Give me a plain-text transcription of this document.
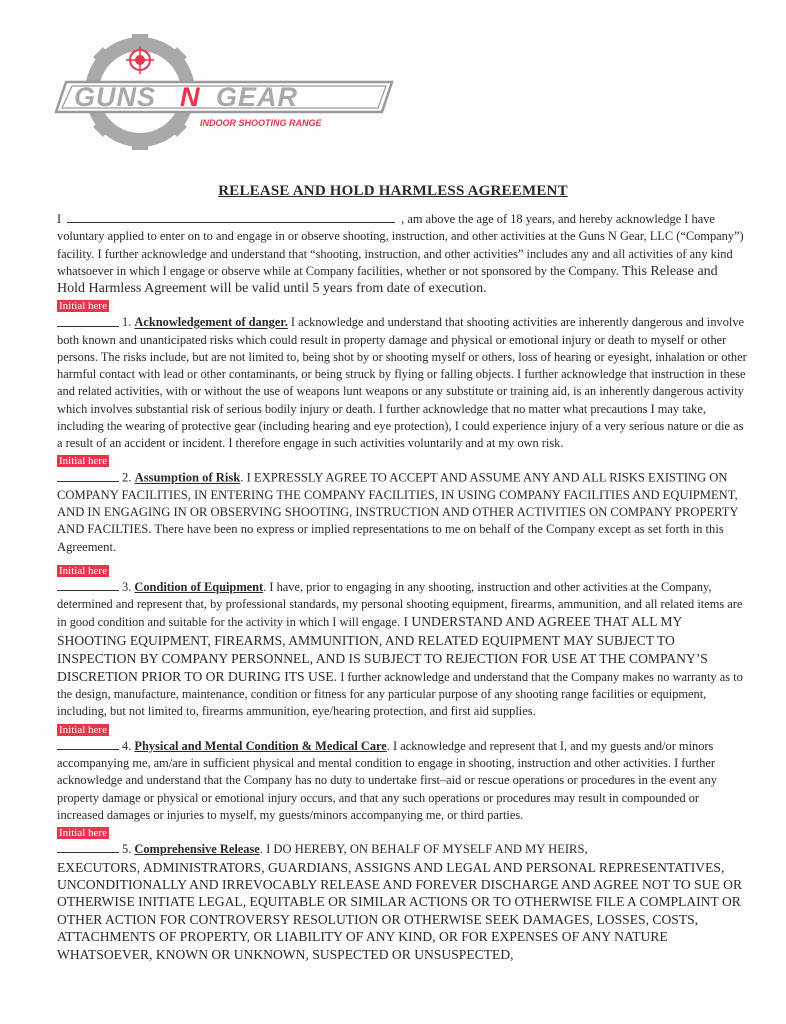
GUNS N GEAR
INDOOR SHOOTING RANGE
RELEASE AND HOLD HARMLESS AGREEMENT

I	, am above the age of 18 years, and hereby acknowledge I have voluntary applied to enter on to and engage in or observe shooting, instruction, and other activities at the Guns N Gear, LLC (“Company”) facility. I further acknowledge and understand that “shooting, instruction, and other activities” includes any and all activities of any kind whatsoever in which I engage or observe while at Company facilities, whether or not sponsored by the Company. This Release and Hold Harmless Agreement will be valid until 5 years from date of execution.

Initial here

1. Acknowledgement of danger. I acknowledge and understand that shooting activities are inherently dangerous and involve both known and unanticipated risks which could result in property damage and physical or emotional injury or death to myself or other persons. The risks include, but are not limited to, being shot by or shooting myself or others, loss of hearing or eyesight, inhalation or other harmful contact with lead or other contaminants, or being struck by flying or falling objects. I further acknowledge that instruction in these and related activities, with or without the use of weapons lunt weapons or any substitute or training aid, is an inherently dangerous activity which involves substantial risk of serious bodily injury or death. I further acknowledge that no matter what precautions I may take, including the wearing of protective gear (including hearing and eye protection), I could experience injury of a very serious nature or die as a result of an accident or incident. I therefore engage in such activities voluntarily and at my own risk.

Initial here

2. Assumption of Risk. I EXPRESSLY AGREE TO ACCEPT AND ASSUME ANY AND ALL RISKS EXISTING ON COMPANY FACILITIES, IN ENTERING THE COMPANY FACILITIES, IN USING COMPANY FACILITIES AND EQUIPMENT, AND IN ENGAGING IN OR OBSERVING SHOOTING, INSTRUCTION AND OTHER ACTIVITIES ON COMPANY PROPERTY AND FACILTIES. There have been no express or implied representations to me on behalf of the Company except as set forth in this Agreement.

Initial here

3. Condition of Equipment. I have, prior to engaging in any shooting, instruction and other activities at the Company, determined and represent that, by professional standards, my personal shooting equipment, firearms, ammunition, and all related items are in good condition and suitable for the activity in which I will engage. I UNDERSTAND AND AGREEE THAT ALL MY SHOOTING EQUIPMENT, FIREARMS, AMMUNITION, AND RELATED EQUIPMENT MAY SUBJECT TO INSPECTION BY COMPANY PERSONNEL, AND IS SUBJECT TO REJECTION FOR USE AT THE COMPANY’S DISCRETION PRIOR TO OR DURING ITS USE. I further acknowledge and understand that the Company makes no warranty as to the design, manufacture, maintenance, condition or fitness for any particular purpose of any shooting range facilities or equipment, including, but not limited to, firearms ammunition, eye/hearing protection, and first aid supplies.

Initial here

4. Physical and Mental Condition & Medical Care. I acknowledge and represent that I, and my guests and/or minors accompanying me, am/are in sufficient physical and mental condition to engage in shooting, instruction and other activities. I further acknowledge and understand that the Company has no duty to undertake first–aid or rescue operations or procedures in the event any property damage or physical or emotional injury occurs, and that any such operations or procedures may result in compounded or increased damages or injuries to myself, my guests/minors accompanying me, or third parties.

Initial here

5. Comprehensive Release. I DO HEREBY, ON BEHALF OF MYSELF AND MY HEIRS,

EXECUTORS, ADMINISTRATORS, GUARDIANS, ASSIGNS AND LEGAL AND PERSONAL REPRESENTATIVES, UNCONDITIONALLY AND IRREVOCABLY RELEASE AND FOREVER DISCHARGE AND AGREE NOT TO SUE OR OTHERWISE INITIATE LEGAL, EQUITABLE OR SIMILAR ACTIONS OR TO OTHERWISE FILE A COMPLAINT OR OTHER ACTION FOR CONTROVERSY RESOLUTION OR OTHERWISE SEEK DAMAGES, LOSSES, COSTS, ATTACHMENTS OF PROPERTY, OR LIABILITY OF ANY KIND, OR FOR EXPENSES OF ANY NATURE WHATSOEVER, KNOWN OR UNKNOWN, SUSPECTED OR UNSUSPECTED,
